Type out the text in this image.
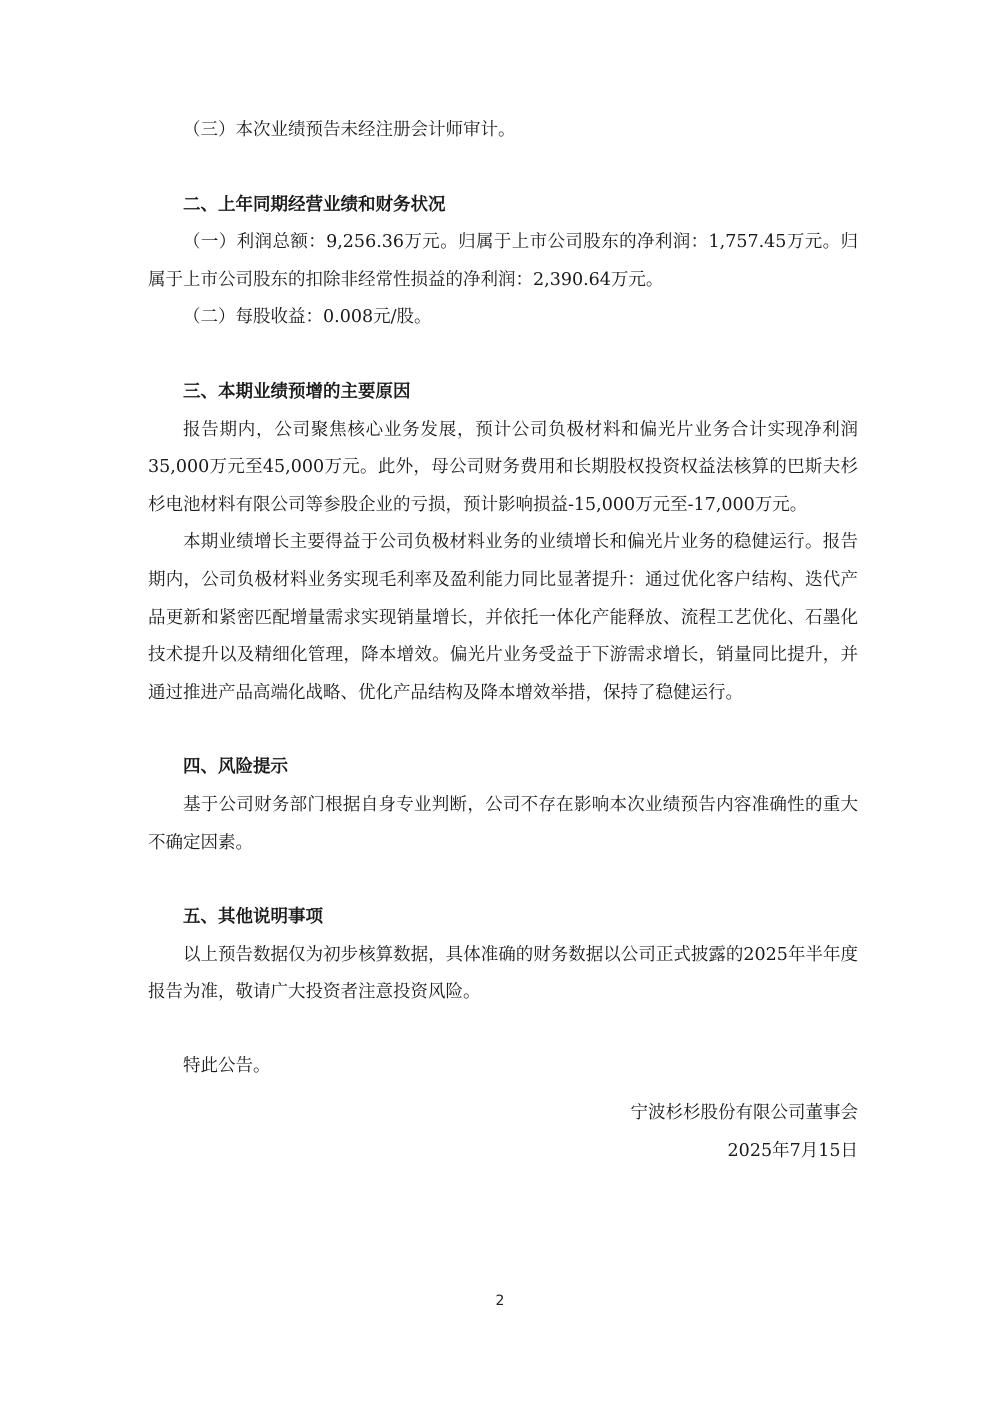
（三）本次业绩预告未经注册会计师审计。

二、上年同期经营业绩和财务状况

（一）利润总额：9,256.36万元。归属于上市公司股东的净利润：1,757.45万元。归属于上市公司股东的扣除非经常性损益的净利润：2,390.64万元。

（二）每股收益：0.008元/股。

三、本期业绩预增的主要原因

报告期内，公司聚焦核心业务发展，预计公司负极材料和偏光片业务合计实现净利润35,000万元至45,000万元。此外，母公司财务费用和长期股权投资权益法核算的巴斯夫杉杉电池材料有限公司等参股企业的亏损，预计影响损益-15,000万元至-17,000万元。

本期业绩增长主要得益于公司负极材料业务的业绩增长和偏光片业务的稳健运行。报告期内，公司负极材料业务实现毛利率及盈利能力同比显著提升：通过优化客户结构、迭代产品更新和紧密匹配增量需求实现销量增长，并依托一体化产能释放、流程工艺优化、石墨化技术提升以及精细化管理，降本增效。偏光片业务受益于下游需求增长，销量同比提升，并通过推进产品高端化战略、优化产品结构及降本增效举措，保持了稳健运行。

四、风险提示

基于公司财务部门根据自身专业判断，公司不存在影响本次业绩预告内容准确性的重大不确定因素。

五、其他说明事项

以上预告数据仅为初步核算数据，具体准确的财务数据以公司正式披露的2025年半年度报告为准，敬请广大投资者注意投资风险。

特此公告。

宁波杉杉股份有限公司董事会

2025年7月15日

2
